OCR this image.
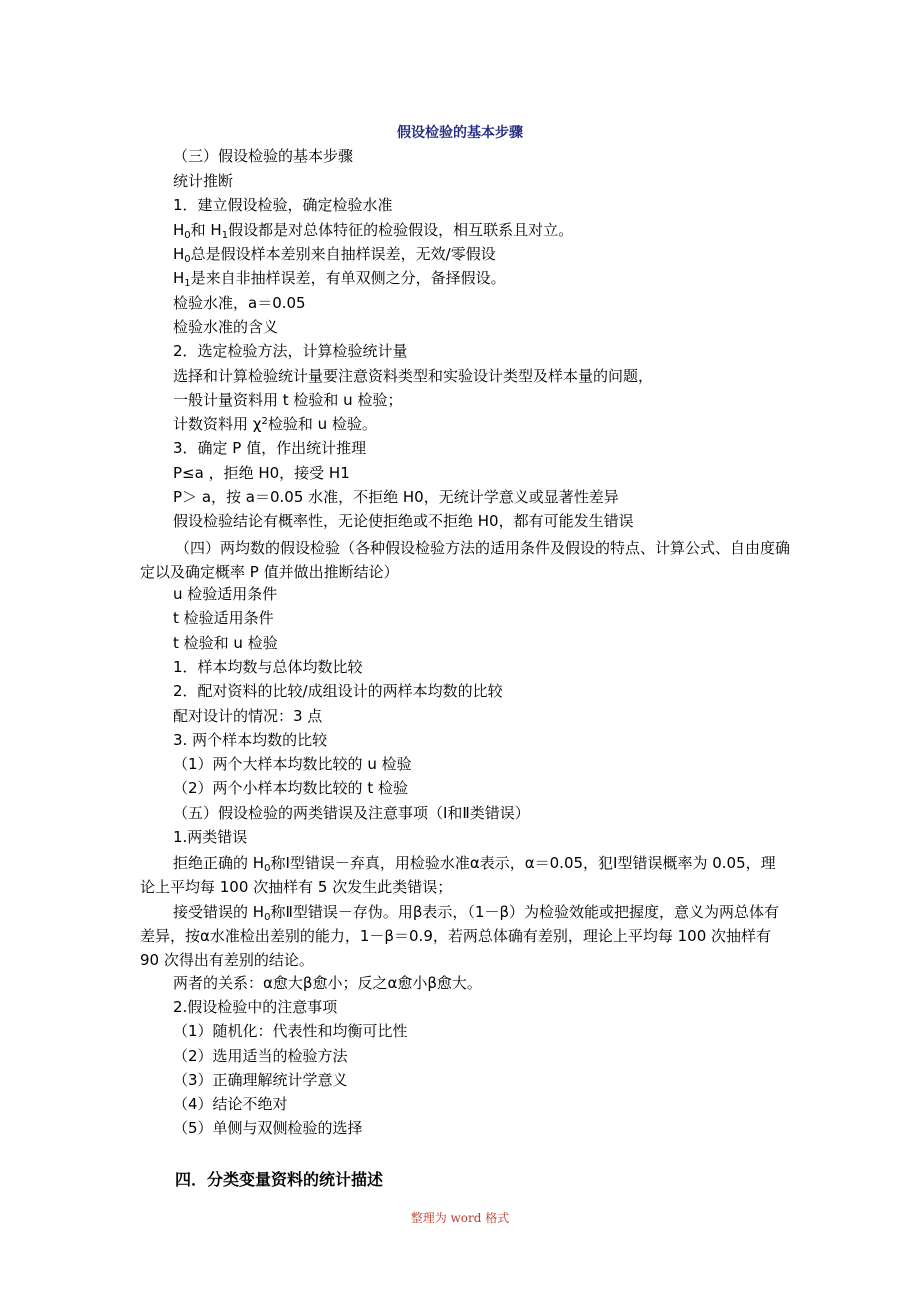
假设检验的基本步骤
（三）假设检验的基本步骤
统计推断
1．建立假设检验，确定检验水准
$H_0$和 $H_1$假设都是对总体特征的检验假设，相互联系且对立。
$H_0$总是假设样本差别来自抽样误差，无效/零假设
$H_1$是来自非抽样误差，有单双侧之分，备择假设。
检验水准，a＝0.05
检验水准的含义
2．选定检验方法，计算检验统计量
选择和计算检验统计量要注意资料类型和实验设计类型及样本量的问题，
一般计量资料用 t 检验和 u 检验；
计数资料用 $\chi^2$检验和 u 检验。
3．确定 P 值，作出统计推理
P≤a ，拒绝 H0，接受 H1
P＞ a，按 a＝0.05 水准，不拒绝 H0，无统计学意义或显著性差异
假设检验结论有概率性，无论使拒绝或不拒绝 H0，都有可能发生错误
（四）两均数的假设检验（各种假设检验方法的适用条件及假设的特点、计算公式、自由度确定以及确定概率 P 值并做出推断结论）
u 检验适用条件
t 检验适用条件
t 检验和 u 检验
1．样本均数与总体均数比较
2．配对资料的比较/成组设计的两样本均数的比较
配对设计的情况：3 点
3. 两个样本均数的比较
（1）两个大样本均数比较的 u 检验
（2）两个小样本均数比较的 t 检验
（五）假设检验的两类错误及注意事项（Ⅰ和Ⅱ类错误）
1.两类错误
拒绝正确的 $H_0$称Ⅰ型错误－弃真，用检验水准α表示，α＝0.05，犯Ⅰ型错误概率为 0.05，理论上平均每 100 次抽样有 5 次发生此类错误；
接受错误的 $H_0$称Ⅱ型错误－存伪。用β表示，（1－β）为检验效能或把握度，意义为两总体有差异，按α水准检出差别的能力，1－β＝0.9，若两总体确有差别，理论上平均每 100 次抽样有 90 次得出有差别的结论。
两者的关系：α愈大β愈小；反之α愈小β愈大。
2.假设检验中的注意事项
（1）随机化：代表性和均衡可比性
（2）选用适当的检验方法
（3）正确理解统计学意义
（4）结论不绝对
（5）单侧与双侧检验的选择
四．分类变量资料的统计描述
整理为 word 格式
